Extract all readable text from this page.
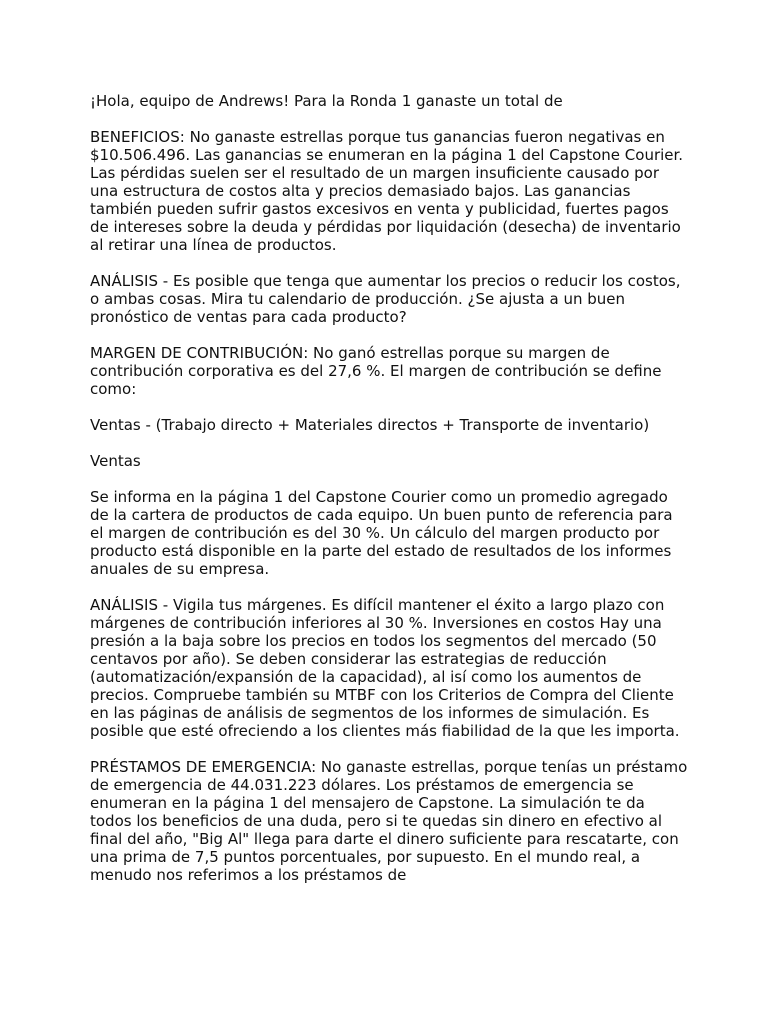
¡Hola, equipo de Andrews! Para la Ronda 1 ganaste un total de

BENEFICIOS: No ganaste estrellas porque tus ganancias fueron negativas en $10.506.496. Las ganancias se enumeran en la página 1 del Capstone Courier. Las pérdidas suelen ser el resultado de un margen insuficiente causado por una estructura de costos alta y precios demasiado bajos. Las ganancias también pueden sufrir gastos excesivos en venta y publicidad, fuertes pagos de intereses sobre la deuda y pérdidas por liquidación (desecha) de inventario al retirar una línea de productos.

ANÁLISIS - Es posible que tenga que aumentar los precios o reducir los costos, o ambas cosas. Mira tu calendario de producción. ¿Se ajusta a un buen pronóstico de ventas para cada producto?

MARGEN DE CONTRIBUCIÓN: No ganó estrellas porque su margen de contribución corporativa es del 27,6 %. El margen de contribución se define como:

Ventas - (Trabajo directo + Materiales directos + Transporte de inventario)

Ventas

Se informa en la página 1 del Capstone Courier como un promedio agregado de la cartera de productos de cada equipo. Un buen punto de referencia para el margen de contribución es del 30 %. Un cálculo del margen producto por producto está disponible en la parte del estado de resultados de los informes anuales de su empresa.

ANÁLISIS - Vigila tus márgenes. Es difícil mantener el éxito a largo plazo con márgenes de contribución inferiores al 30 %. Inversiones en costos Hay una presión a la baja sobre los precios en todos los segmentos del mercado (50 centavos por año). Se deben considerar las estrategias de reducción (automatización/expansión de la capacidad), al isí como los aumentos de precios. Compruebe también su MTBF con los Criterios de Compra del Cliente en las páginas de análisis de segmentos de los informes de simulación. Es posible que esté ofreciendo a los clientes más fiabilidad de la que les importa.

PRÉSTAMOS DE EMERGENCIA: No ganaste estrellas, porque tenías un préstamo de emergencia de 44.031.223 dólares. Los préstamos de emergencia se enumeran en la página 1 del mensajero de Capstone. La simulación te da todos los beneficios de una duda, pero si te quedas sin dinero en efectivo al final del año, "Big Al" llega para darte el dinero suficiente para rescatarte, con una prima de 7,5 puntos porcentuales, por supuesto. En el mundo real, a menudo nos referimos a los préstamos de
